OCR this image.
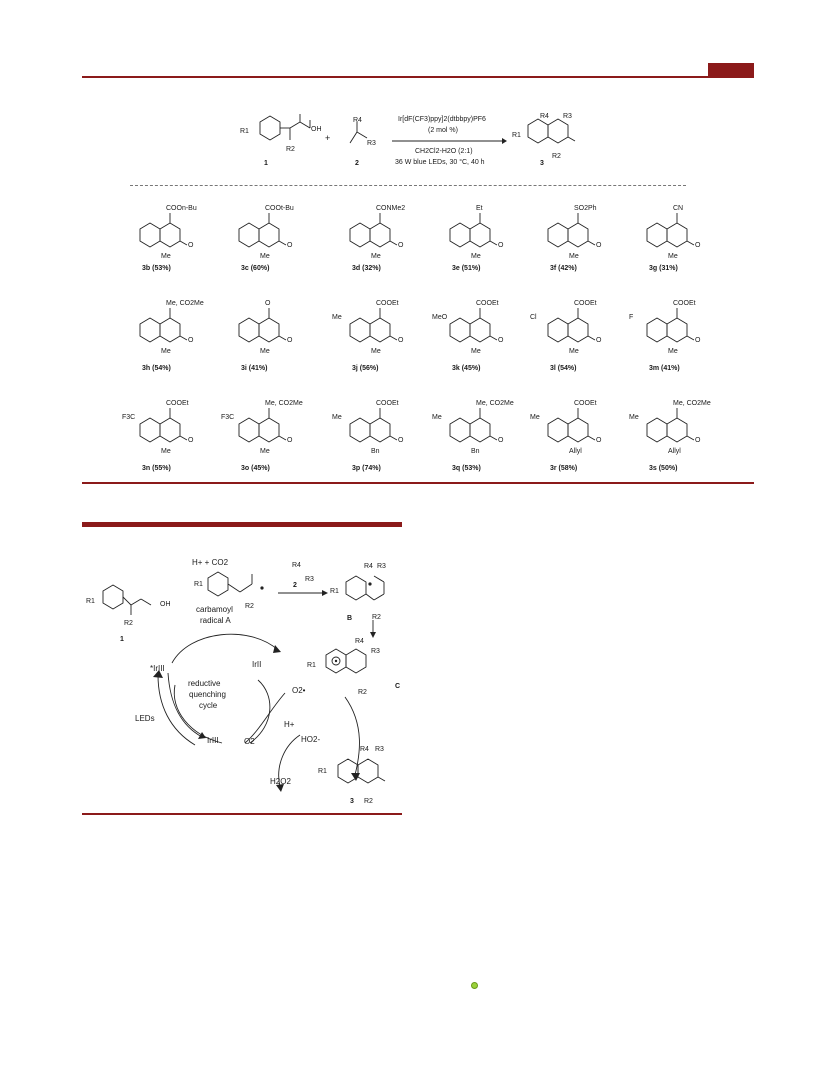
R1
R2
OH
1
+
R4
R3
2
Ir[dF(CF3)ppy]2(dtbbpy)PF6
(2 mol %)
CH2Cl2-H2O (2:1)
36 W blue LEDs, 30 °C, 40 h
R4 R3
R1
R2
3
COOn-Bu
O
Me
3b (53%)
COOt-Bu
O
Me
3c (60%)
CONMe2
O
Me
3d (32%)
Et
O
Me
3e (51%)
SO2Ph
O
Me
3f (42%)
CN
O
Me
3g (31%)
Me, CO2Me
O
Me
3h (54%)
O
O
Me
3i (41%)
COOEt
Me
O
Me
3j (56%)
COOEt
MeO
O
Me
3k (45%)
COOEt
Cl
O
Me
3l (54%)
COOEt
F
O
Me
3m (41%)
COOEt
F3C
O
Me
3n (55%)
Me, CO2Me
F3C
O
Me
3o (45%)
COOEt
Me
O
Bn
3p (74%)
Me, CO2Me
Me
O
Bn
3q (53%)
COOEt
Me
O
Allyl
3r (58%)
Me, CO2Me
Me
O
Allyl
3s (50%)
R1	OH
R2
1
H+ + CO2
R1
R2
carbamoyl
radical A
R4
R3
2
R4 R3
R1
R2
B
R4
R3
R1
R2
C
*IrIII	IrII
IrIII
reductive
quenching
cycle
LEDs
O2
O2•
H+
HO2-
H2O2
R4 R3
R1
R2
3
